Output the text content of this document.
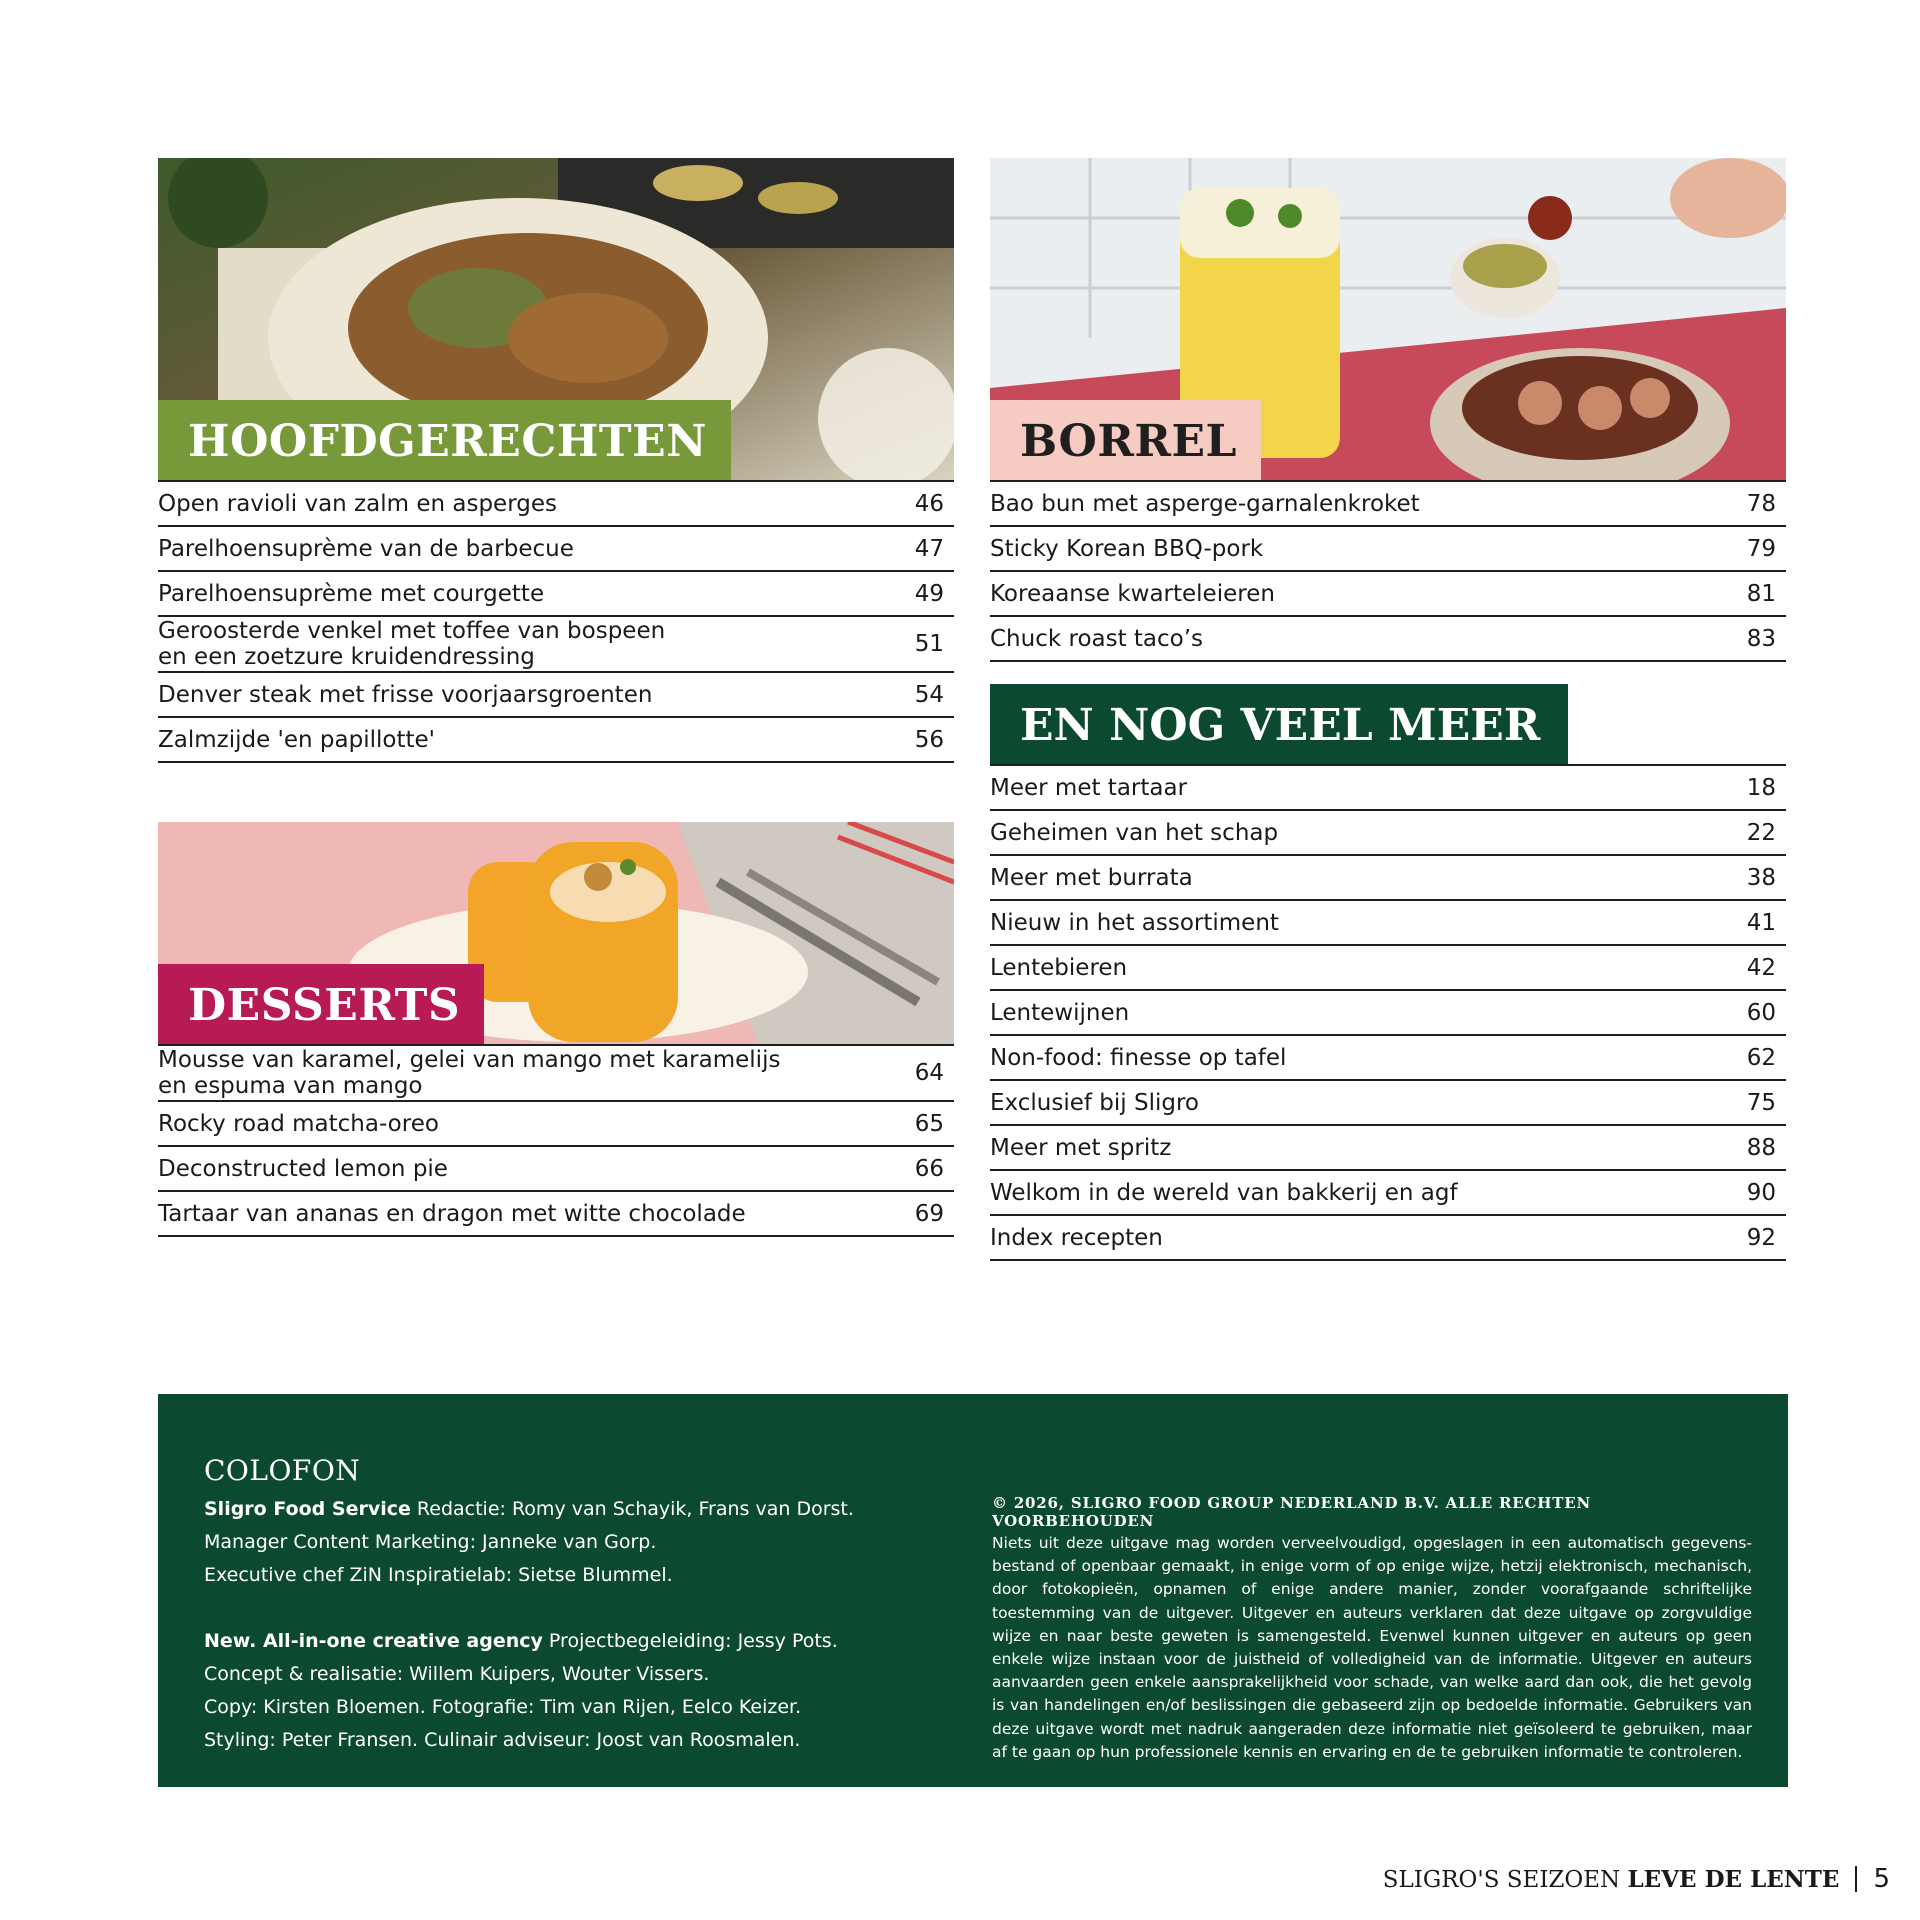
HOOFDGERECHTEN
Open ravioli van zalm en asperges	46
Parelhoensuprème van de barbecue	47
Parelhoensuprème met courgette	49
Geroosterde venkel met toffee van bospeen
en een zoetzure kruidendressing	51
Denver steak met frisse voorjaarsgroenten	54
Zalmzijde 'en papillotte'	56
BORREL
Bao bun met asperge-garnalenkroket	78
Sticky Korean BBQ-pork	79
Koreaanse kwarteleieren	81
Chuck roast taco’s	83
DESSERTS
Mousse van karamel, gelei van mango met karamelijs
en espuma van mango	64
Rocky road matcha-oreo	65
Deconstructed lemon pie	66
Tartaar van ananas en dragon met witte chocolade	69
EN NOG VEEL MEER
Meer met tartaar	18
Geheimen van het schap	22
Meer met burrata	38
Nieuw in het assortiment	41
Lentebieren	42
Lentewijnen	60
Non-food: finesse op tafel	62
Exclusief bij Sligro	75
Meer met spritz	88
Welkom in de wereld van bakkerij en agf	90
Index recepten	92
COLOFON
Sligro Food Service Redactie: Romy van Schayik, Frans van Dorst.
Manager Content Marketing: Janneke van Gorp.
Executive chef ZiN Inspiratielab: Sietse Blummel.
New. All-in-one creative agency Projectbegeleiding: Jessy Pots.
Concept & realisatie: Willem Kuipers, Wouter Vissers.
Copy: Kirsten Bloemen. Fotografie: Tim van Rijen, Eelco Keizer.
Styling: Peter Fransen. Culinair adviseur: Joost van Roosmalen.
© 2026, SLIGRO FOOD GROUP NEDERLAND B.V. ALLE RECHTEN VOORBEHOUDEN
Niets uit deze uitgave mag worden verveelvoudigd, opgeslagen in een automatisch gegevens-bestand of openbaar gemaakt, in enige vorm of op enige wijze, hetzij elektronisch, mechanisch, door fotokopieën, opnamen of enige andere manier, zonder voorafgaande schriftelijke toestemming van de uitgever. Uitgever en auteurs verklaren dat deze uitgave op zorgvuldige wijze en naar beste geweten is samengesteld. Evenwel kunnen uitgever en auteurs op geen enkele wijze instaan voor de juistheid of volledigheid van de informatie. Uitgever en auteurs aanvaarden geen enkele aansprakelijkheid voor schade, van welke aard dan ook, die het gevolg is van handelingen en/of beslissingen die gebaseerd zijn op bedoelde informatie. Gebruikers van deze uitgave wordt met nadruk aangeraden deze informatie niet geïsoleerd te gebruiken, maar af te gaan op hun professionele kennis en ervaring en de te gebruiken informatie te controleren.
SLIGRO'S SEIZOEN LEVE DE LENTE 5
